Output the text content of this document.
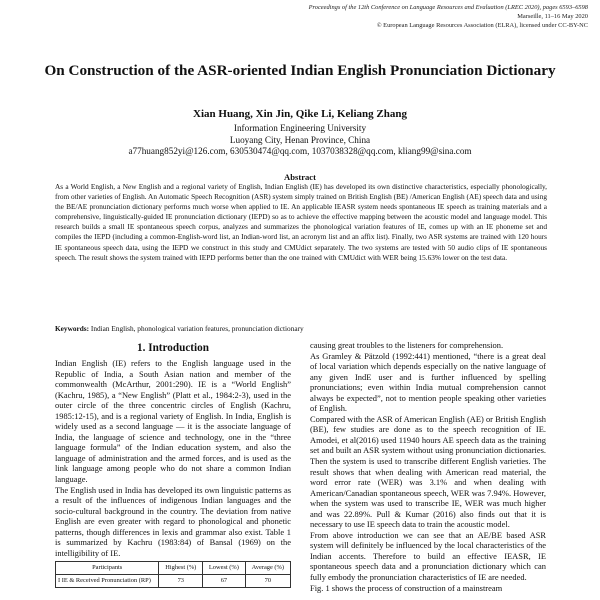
Proceedings of the 12th Conference on Language Resources and Evaluation (LREC 2020), pages 6593–6598
Marseille, 11–16 May 2020
© European Language Resources Association (ELRA), licensed under CC-BY-NC
On Construction of the ASR-oriented Indian English Pronunciation Dictionary
Xian Huang, Xin Jin, Qike Li, Keliang Zhang
Information Engineering University
Luoyang City, Henan Province, China
a77huang852yi@126.com, 630530474@qq.com, 1037038328@qq.com, kliang99@sina.com
Abstract

As a World English, a New English and a regional variety of English, Indian English (IE) has developed its own distinctive characteristics, especially phonologically, from other varieties of English. An Automatic Speech Recognition (ASR) system simply trained on British English (BE) /American English (AE) speech data and using the BE/AE pronunciation dictionary performs much worse when applied to IE. An applicable IEASR system needs spontaneous IE speech as training materials and a comprehensive, linguistically-guided IE pronunciation dictionary (IEPD) so as to achieve the effective mapping between the acoustic model and language model. This research builds a small IE spontaneous speech corpus, analyzes and summarizes the phonological variation features of IE, comes up with an IE phoneme set and compiles the IEPD (including a common-English-word list, an Indian-word list, an acronym list and an affix list). Finally, two ASR systems are trained with 120 hours IE spontaneous speech data, using the IEPD we construct in this study and CMUdict separately. The two systems are tested with 50 audio clips of IE spontaneous speech. The result shows the system trained with IEPD performs better than the one trained with CMUdict with WER being 15.63% lower on the test data.

Keywords: Indian English, phonological variation features, pronunciation dictionary
1. Introduction

Indian English (IE) refers to the English language used in the Republic of India, a South Asian nation and member of the commonwealth (McArthur, 2001:290). IE is a “World English” (Kachru, 1985), a “New English” (Platt et al., 1984:2-3), used in the outer circle of the three concentric circles of English (Kachru, 1985:12-15), and is a regional variety of English. In India, English is widely used as a second language — it is the associate language of India, the language of science and technology, one in the “three language formula” of the Indian education system, and also the language of administration and the armed forces, and is used as the link language among people who do not share a common Indian language.

The English used in India has developed its own linguistic patterns as a result of the influences of indigenous Indian languages and the socio-cultural background in the country. The deviation from native English are even greater with regard to phonological and phonetic patterns, though differences in lexis and grammar also exist. Table 1 is summarized by Kachru (1983:84) of Bansal (1969) on the intelligibility of IE.

Participants	Highest (%)	Lowest (%)	Average (%)
I IE & Received Pronunciation (RP)	73	67	70

causing great troubles to the listeners for comprehension.

As Gramley & Pätzold (1992:441) mentioned, “there is a great deal of local variation which depends especially on the native language of any given IndE user and is further influenced by spelling pronunciations; even within India mutual comprehension cannot always be expected”, not to mention people speaking other varieties of English.

Compared with the ASR of American English (AE) or British English (BE), few studies are done as to the speech recognition of IE. Amodei, et al(2016) used 11940 hours AE speech data as the training set and built an ASR system without using pronunciation dictionaries. Then the system is used to transcribe different English varieties. The result shows that when dealing with American read material, the word error rate (WER) was 3.1% and when dealing with American/Canadian spontaneous speech, WER was 7.94%. However, when the system was used to transcribe IE, WER was much higher and was 22.89%. Pull & Kumar (2016) also finds out that it is necessary to use IE speech data to train the acoustic model.

From above introduction we can see that an AE/BE based ASR system will definitely be influenced by the local characteristics of the Indian accents. Therefore to build an effective IEASR, IE spontaneous speech data and a pronunciation dictionary which can fully embody the pronunciation characteristics of IE are needed.

Fig. 1 shows the process of construction of a mainstream
